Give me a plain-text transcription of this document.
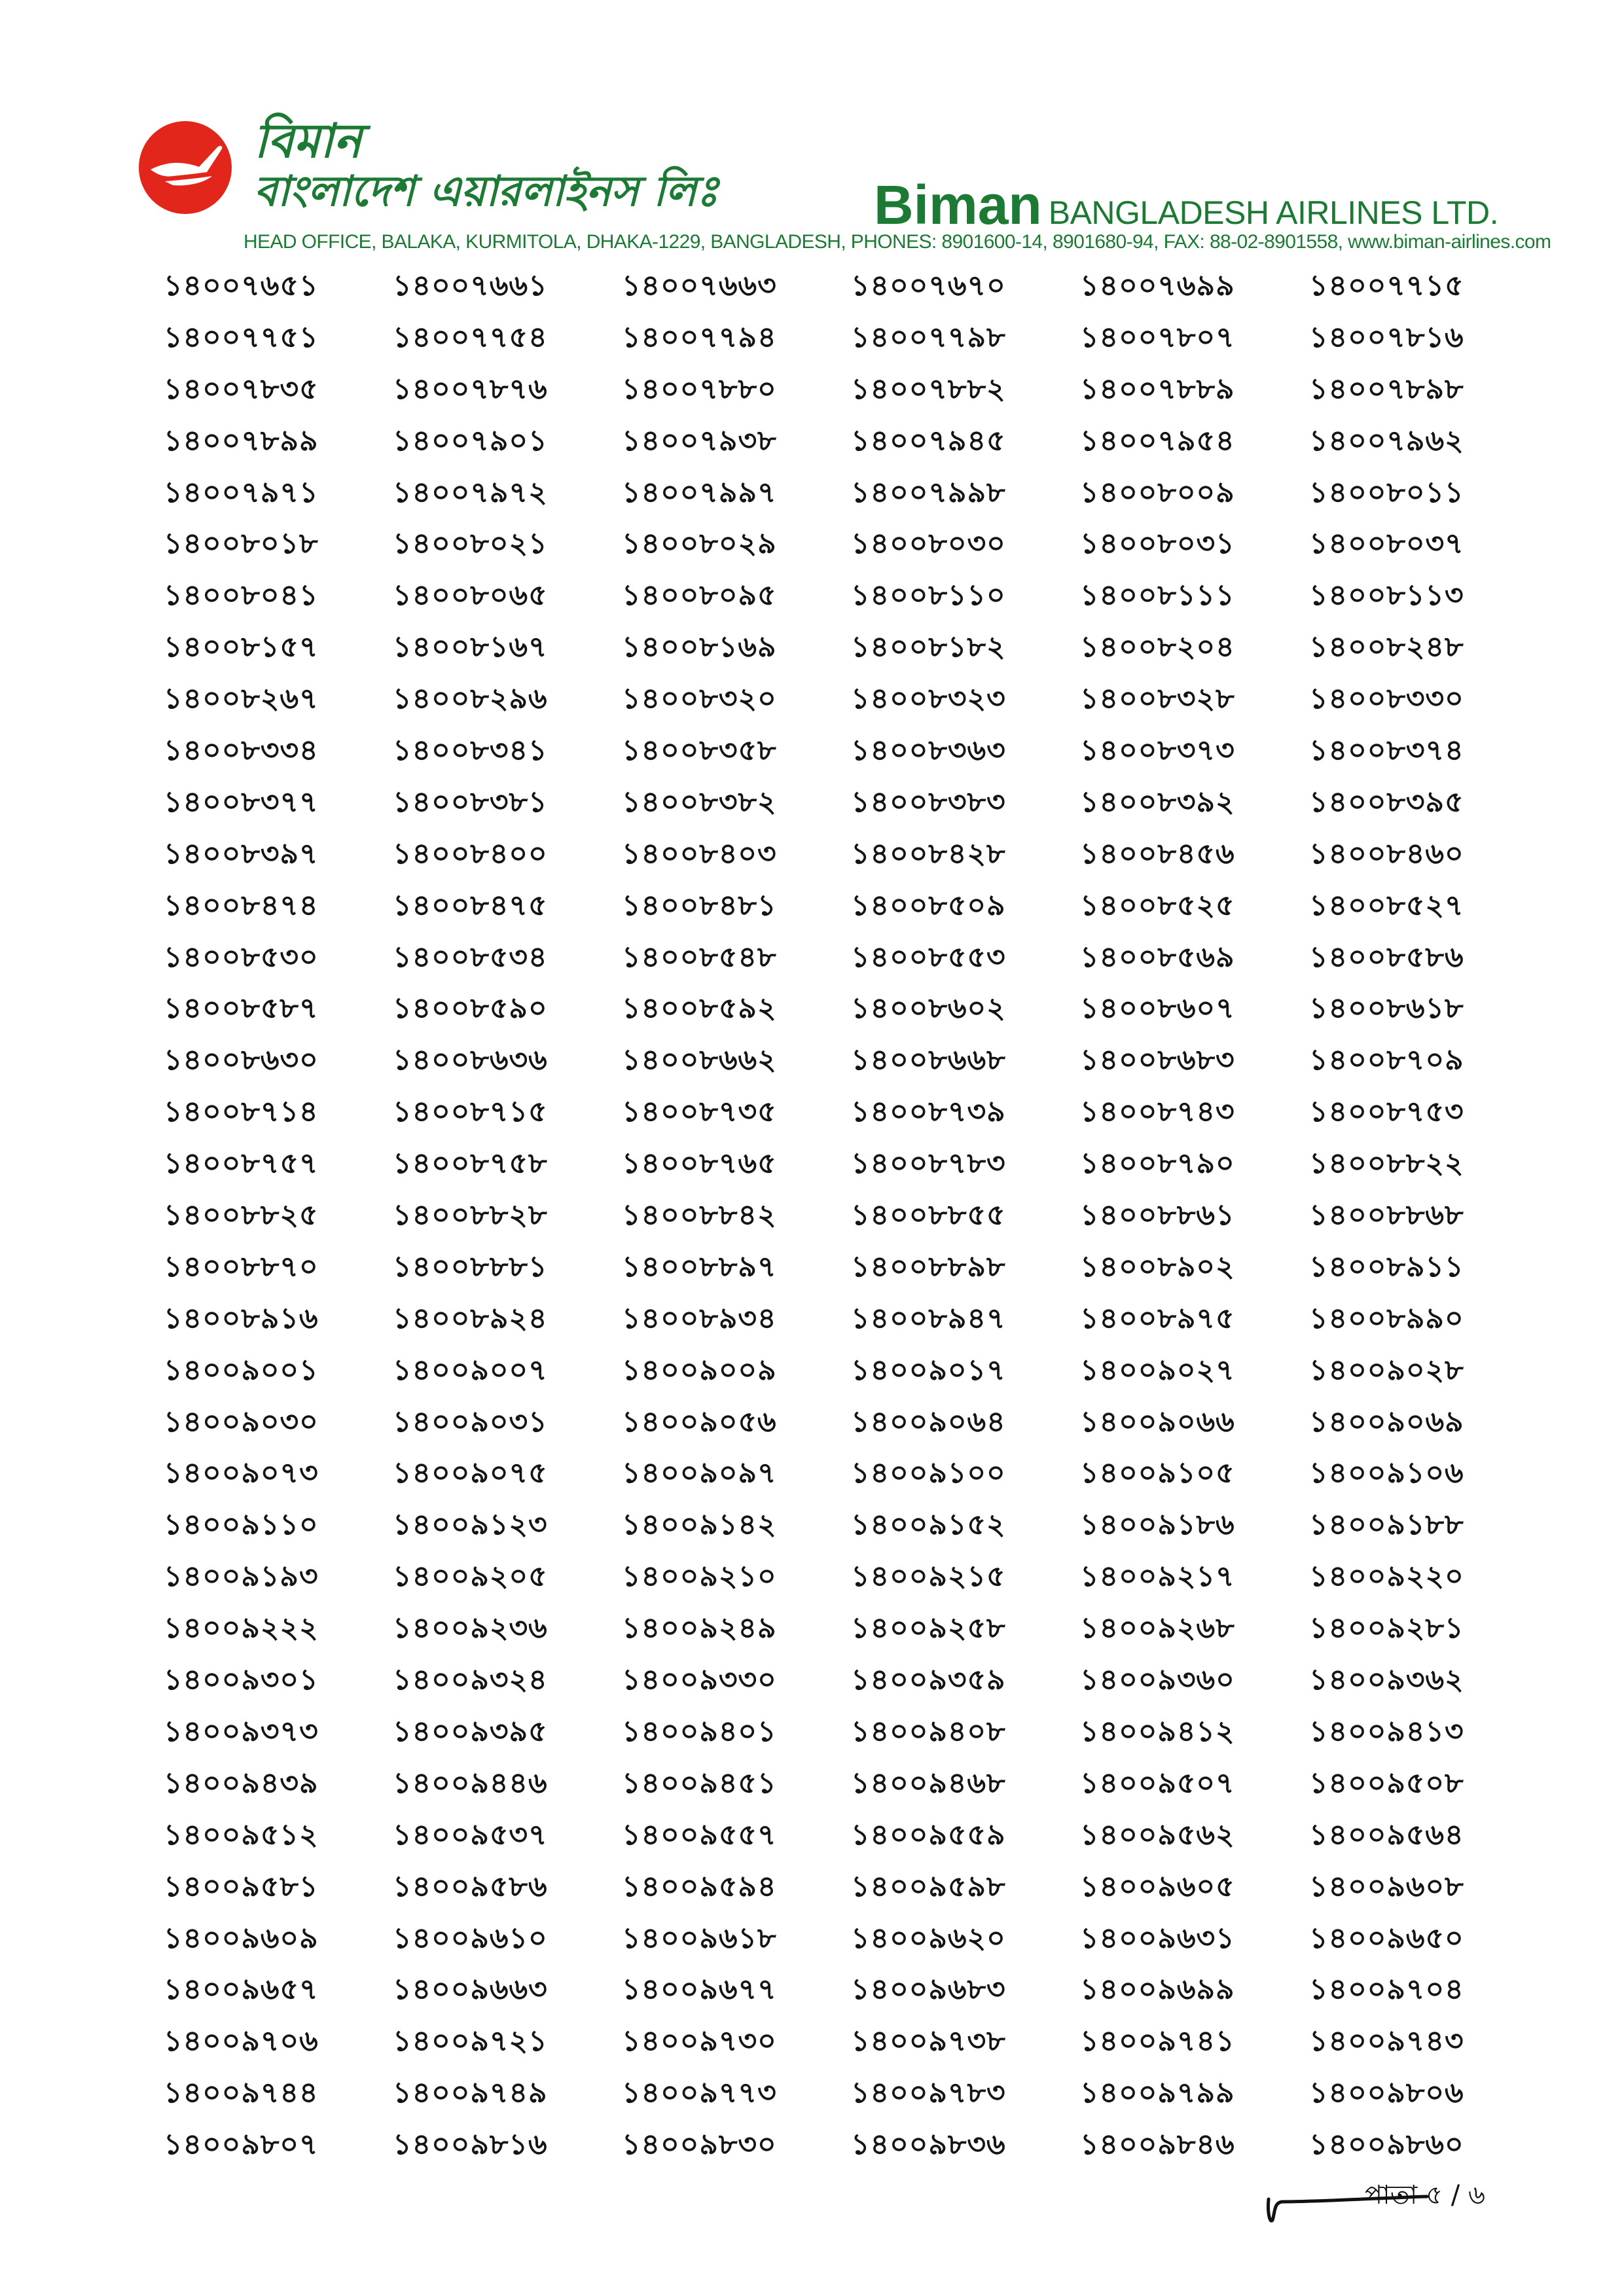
বিমান
বাংলাদেশ এয়ারলাইনস লিঃ	Biman BANGLADESH AIRLINES LTD.
HEAD OFFICE, BALAKA, KURMITOLA, DHAKA-1229, BANGLADESH, PHONES: 8901600-14, 8901680-94, FAX: 88-02-8901558, www.biman-airlines.com
১৪০০৭৬৫১	১৪০০৭৬৬১	১৪০০৭৬৬৩	১৪০০৭৬৭০	১৪০০৭৬৯৯	১৪০০৭৭১৫
১৪০০৭৭৫১	১৪০০৭৭৫৪	১৪০০৭৭৯৪	১৪০০৭৭৯৮	১৪০০৭৮০৭	১৪০০৭৮১৬
১৪০০৭৮৩৫	১৪০০৭৮৭৬	১৪০০৭৮৮০	১৪০০৭৮৮২	১৪০০৭৮৮৯	১৪০০৭৮৯৮
১৪০০৭৮৯৯	১৪০০৭৯০১	১৪০০৭৯৩৮	১৪০০৭৯৪৫	১৪০০৭৯৫৪	১৪০০৭৯৬২
১৪০০৭৯৭১	১৪০০৭৯৭২	১৪০০৭৯৯৭	১৪০০৭৯৯৮	১৪০০৮০০৯	১৪০০৮০১১
১৪০০৮০১৮	১৪০০৮০২১	১৪০০৮০২৯	১৪০০৮০৩০	১৪০০৮০৩১	১৪০০৮০৩৭
১৪০০৮০৪১	১৪০০৮০৬৫	১৪০০৮০৯৫	১৪০০৮১১০	১৪০০৮১১১	১৪০০৮১১৩
১৪০০৮১৫৭	১৪০০৮১৬৭	১৪০০৮১৬৯	১৪০০৮১৮২	১৪০০৮২০৪	১৪০০৮২৪৮
১৪০০৮২৬৭	১৪০০৮২৯৬	১৪০০৮৩২০	১৪০০৮৩২৩	১৪০০৮৩২৮	১৪০০৮৩৩০
১৪০০৮৩৩৪	১৪০০৮৩৪১	১৪০০৮৩৫৮	১৪০০৮৩৬৩	১৪০০৮৩৭৩	১৪০০৮৩৭৪
১৪০০৮৩৭৭	১৪০০৮৩৮১	১৪০০৮৩৮২	১৪০০৮৩৮৩	১৪০০৮৩৯২	১৪০০৮৩৯৫
১৪০০৮৩৯৭	১৪০০৮৪০০	১৪০০৮৪০৩	১৪০০৮৪২৮	১৪০০৮৪৫৬	১৪০০৮৪৬০
১৪০০৮৪৭৪	১৪০০৮৪৭৫	১৪০০৮৪৮১	১৪০০৮৫০৯	১৪০০৮৫২৫	১৪০০৮৫২৭
১৪০০৮৫৩০	১৪০০৮৫৩৪	১৪০০৮৫৪৮	১৪০০৮৫৫৩	১৪০০৮৫৬৯	১৪০০৮৫৮৬
১৪০০৮৫৮৭	১৪০০৮৫৯০	১৪০০৮৫৯২	১৪০০৮৬০২	১৪০০৮৬০৭	১৪০০৮৬১৮
১৪০০৮৬৩০	১৪০০৮৬৩৬	১৪০০৮৬৬২	১৪০০৮৬৬৮	১৪০০৮৬৮৩	১৪০০৮৭০৯
১৪০০৮৭১৪	১৪০০৮৭১৫	১৪০০৮৭৩৫	১৪০০৮৭৩৯	১৪০০৮৭৪৩	১৪০০৮৭৫৩
১৪০০৮৭৫৭	১৪০০৮৭৫৮	১৪০০৮৭৬৫	১৪০০৮৭৮৩	১৪০০৮৭৯০	১৪০০৮৮২২
১৪০০৮৮২৫	১৪০০৮৮২৮	১৪০০৮৮৪২	১৪০০৮৮৫৫	১৪০০৮৮৬১	১৪০০৮৮৬৮
১৪০০৮৮৭০	১৪০০৮৮৮১	১৪০০৮৮৯৭	১৪০০৮৮৯৮	১৪০০৮৯০২	১৪০০৮৯১১
১৪০০৮৯১৬	১৪০০৮৯২৪	১৪০০৮৯৩৪	১৪০০৮৯৪৭	১৪০০৮৯৭৫	১৪০০৮৯৯০
১৪০০৯০০১	১৪০০৯০০৭	১৪০০৯০০৯	১৪০০৯০১৭	১৪০০৯০২৭	১৪০০৯০২৮
১৪০০৯০৩০	১৪০০৯০৩১	১৪০০৯০৫৬	১৪০০৯০৬৪	১৪০০৯০৬৬	১৪০০৯০৬৯
১৪০০৯০৭৩	১৪০০৯০৭৫	১৪০০৯০৯৭	১৪০০৯১০০	১৪০০৯১০৫	১৪০০৯১০৬
১৪০০৯১১০	১৪০০৯১২৩	১৪০০৯১৪২	১৪০০৯১৫২	১৪০০৯১৮৬	১৪০০৯১৮৮
১৪০০৯১৯৩	১৪০০৯২০৫	১৪০০৯২১০	১৪০০৯২১৫	১৪০০৯২১৭	১৪০০৯২২০
১৪০০৯২২২	১৪০০৯২৩৬	১৪০০৯২৪৯	১৪০০৯২৫৮	১৪০০৯২৬৮	১৪০০৯২৮১
১৪০০৯৩০১	১৪০০৯৩২৪	১৪০০৯৩৩০	১৪০০৯৩৫৯	১৪০০৯৩৬০	১৪০০৯৩৬২
১৪০০৯৩৭৩	১৪০০৯৩৯৫	১৪০০৯৪০১	১৪০০৯৪০৮	১৪০০৯৪১২	১৪০০৯৪১৩
১৪০০৯৪৩৯	১৪০০৯৪৪৬	১৪০০৯৪৫১	১৪০০৯৪৬৮	১৪০০৯৫০৭	১৪০০৯৫০৮
১৪০০৯৫১২	১৪০০৯৫৩৭	১৪০০৯৫৫৭	১৪০০৯৫৫৯	১৪০০৯৫৬২	১৪০০৯৫৬৪
১৪০০৯৫৮১	১৪০০৯৫৮৬	১৪০০৯৫৯৪	১৪০০৯৫৯৮	১৪০০৯৬০৫	১৪০০৯৬০৮
১৪০০৯৬০৯	১৪০০৯৬১০	১৪০০৯৬১৮	১৪০০৯৬২০	১৪০০৯৬৩১	১৪০০৯৬৫০
১৪০০৯৬৫৭	১৪০০৯৬৬৩	১৪০০৯৬৭৭	১৪০০৯৬৮৩	১৪০০৯৬৯৯	১৪০০৯৭০৪
১৪০০৯৭০৬	১৪০০৯৭২১	১৪০০৯৭৩০	১৪০০৯৭৩৮	১৪০০৯৭৪১	১৪০০৯৭৪৩
১৪০০৯৭৪৪	১৪০০৯৭৪৯	১৪০০৯৭৭৩	১৪০০৯৭৮৩	১৪০০৯৭৯৯	১৪০০৯৮০৬
১৪০০৯৮০৭	১৪০০৯৮১৬	১৪০০৯৮৩০	১৪০০৯৮৩৬	১৪০০৯৮৪৬	১৪০০৯৮৬০
পাতা ৫ / ৬
